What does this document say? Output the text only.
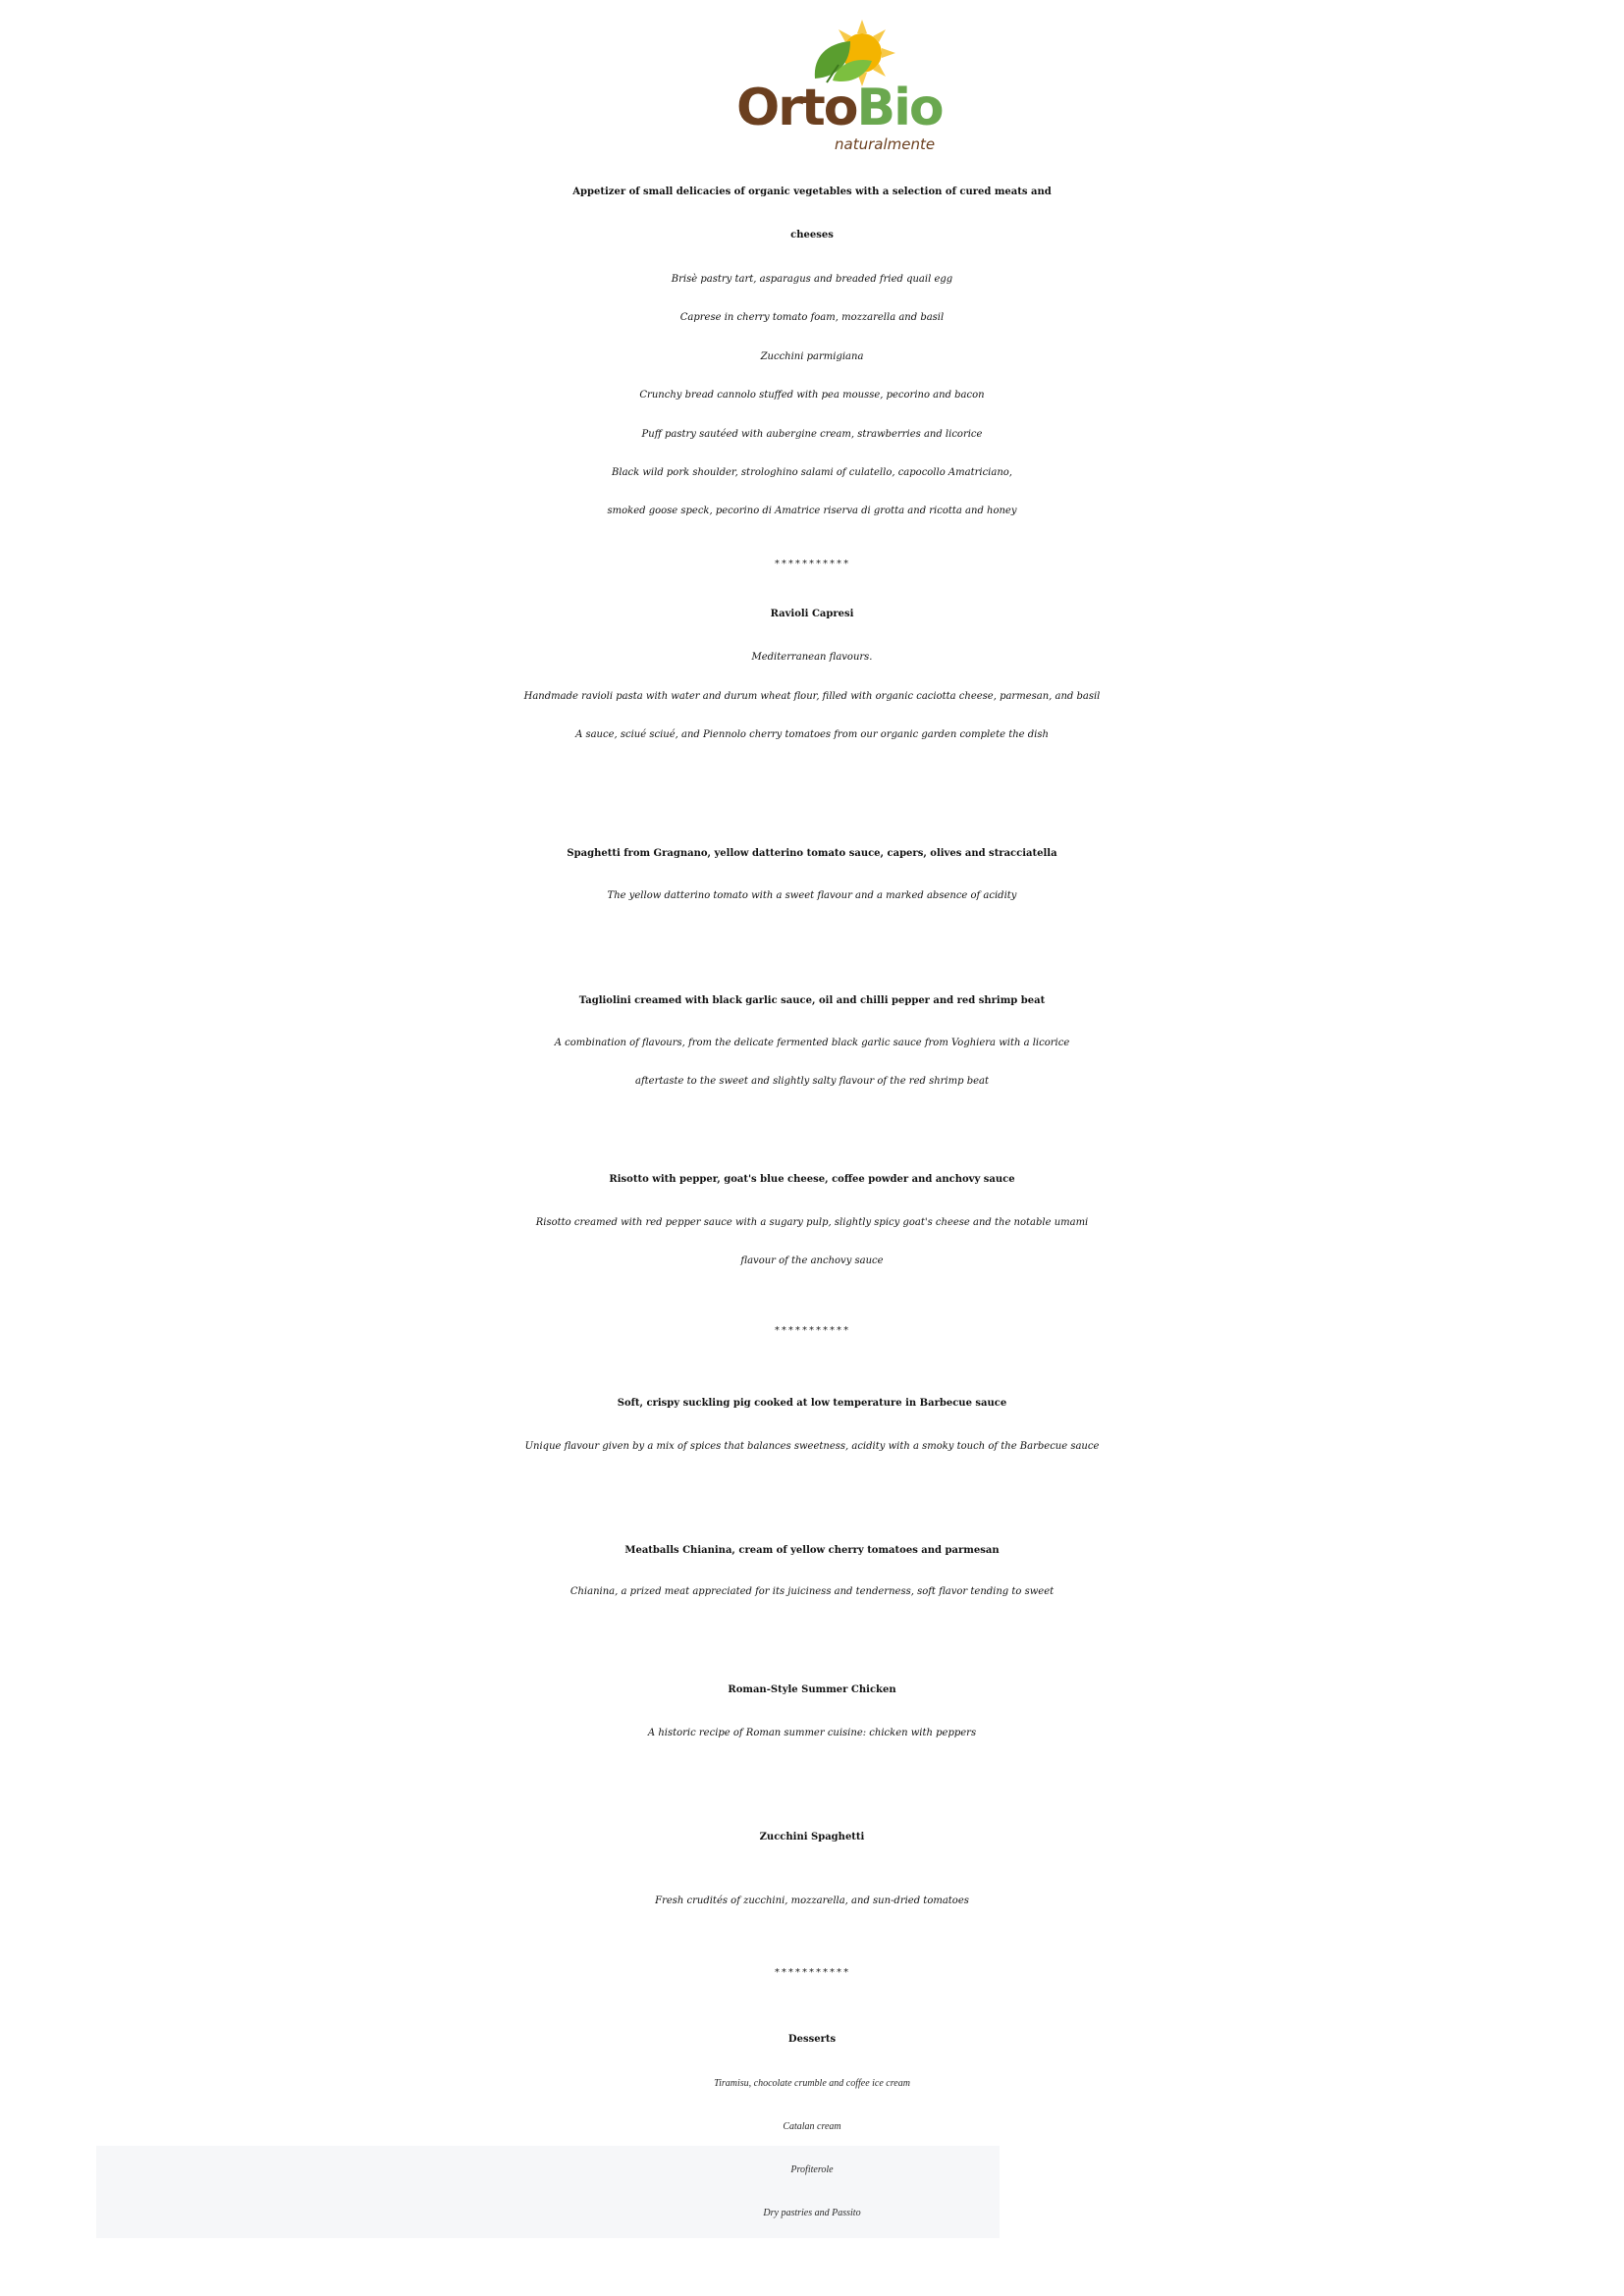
OrtoBio
naturalmente
Appetizer of small delicacies of organic vegetables with a selection of cured meats and
cheeses
Brisè pastry tart, asparagus and breaded fried quail egg
Caprese in cherry tomato foam, mozzarella and basil
Zucchini parmigiana
Crunchy bread cannolo stuffed with pea mousse, pecorino and bacon
Puff pastry sautéed with aubergine cream, strawberries and licorice
Black wild pork shoulder, strologhino salami of culatello, capocollo Amatriciano,
smoked goose speck, pecorino di Amatrice riserva di grotta and ricotta and honey
***********
Ravioli Capresi
Mediterranean flavours.
Handmade ravioli pasta with water and durum wheat flour, filled with organic caciotta cheese, parmesan, and basil
A sauce, sciué sciué, and Piennolo cherry tomatoes from our organic garden complete the dish
Spaghetti from Gragnano, yellow datterino tomato sauce, capers, olives and stracciatella
The yellow datterino tomato with a sweet flavour and a marked absence of acidity
Tagliolini creamed with black garlic sauce, oil and chilli pepper and red shrimp beat
A combination of flavours, from the delicate fermented black garlic sauce from Voghiera with a licorice
aftertaste to the sweet and slightly salty flavour of the red shrimp beat
Risotto with pepper, goat's blue cheese, coffee powder and anchovy sauce
Risotto creamed with red pepper sauce with a sugary pulp, slightly spicy goat's cheese and the notable umami
flavour of the anchovy sauce
***********
Soft, crispy suckling pig cooked at low temperature in Barbecue sauce
Unique flavour given by a mix of spices that balances sweetness, acidity with a smoky touch of the Barbecue sauce
Meatballs Chianina, cream of yellow cherry tomatoes and parmesan
Chianina, a prized meat appreciated for its juiciness and tenderness, soft flavor tending to sweet
Roman-Style Summer Chicken
A historic recipe of Roman summer cuisine: chicken with peppers
Zucchini Spaghetti
Fresh crudités of zucchini, mozzarella, and sun-dried tomatoes
***********
Desserts
Tiramisu, chocolate crumble and coffee ice cream
Catalan cream
Profiterole
Dry pastries and Passito
